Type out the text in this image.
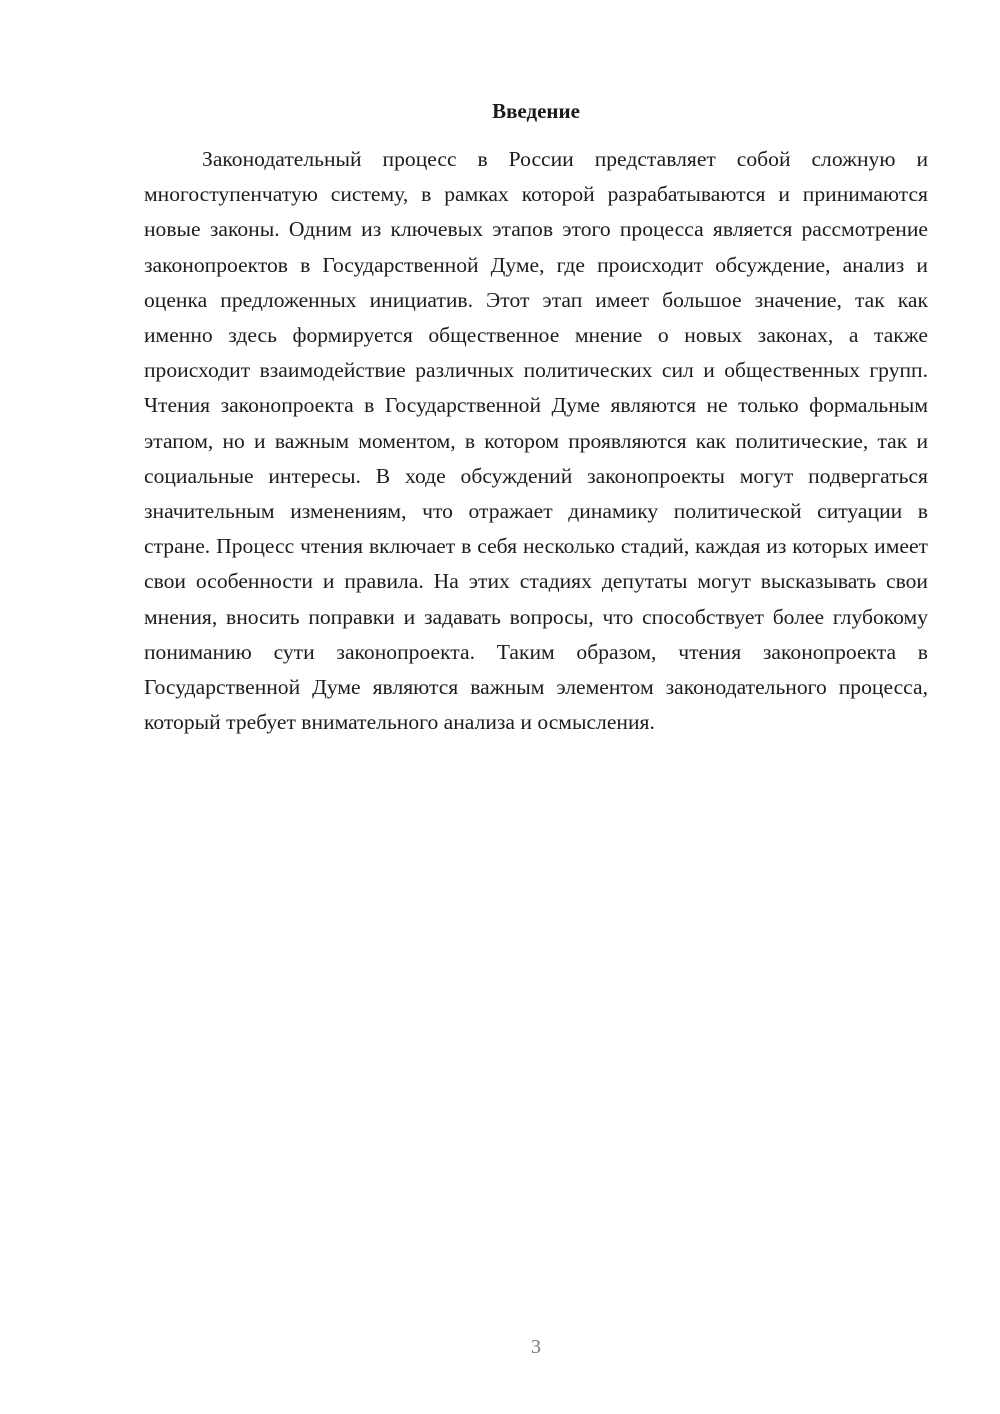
Введение

Законодательный процесс в России представляет собой сложную и многоступенчатую систему, в рамках которой разрабатываются и принимаются новые законы. Одним из ключевых этапов этого процесса является рассмотрение законопроектов в Государственной Думе, где происходит обсуждение, анализ и оценка предложенных инициатив. Этот этап имеет большое значение, так как именно здесь формируется общественное мнение о новых законах, а также происходит взаимодействие различных политических сил и общественных групп. Чтения законопроекта в Государственной Думе являются не только формальным этапом, но и важным моментом, в котором проявляются как политические, так и социальные интересы. В ходе обсуждений законопроекты могут подвергаться значительным изменениям, что отражает динамику политической ситуации в стране. Процесс чтения включает в себя несколько стадий, каждая из которых имеет свои особенности и правила. На этих стадиях депутаты могут высказывать свои мнения, вносить поправки и задавать вопросы, что способствует более глубокому пониманию сути законопроекта. Таким образом, чтения законопроекта в Государственной Думе являются важным элементом законодательного процесса, который требует внимательного анализа и осмысления.

3
